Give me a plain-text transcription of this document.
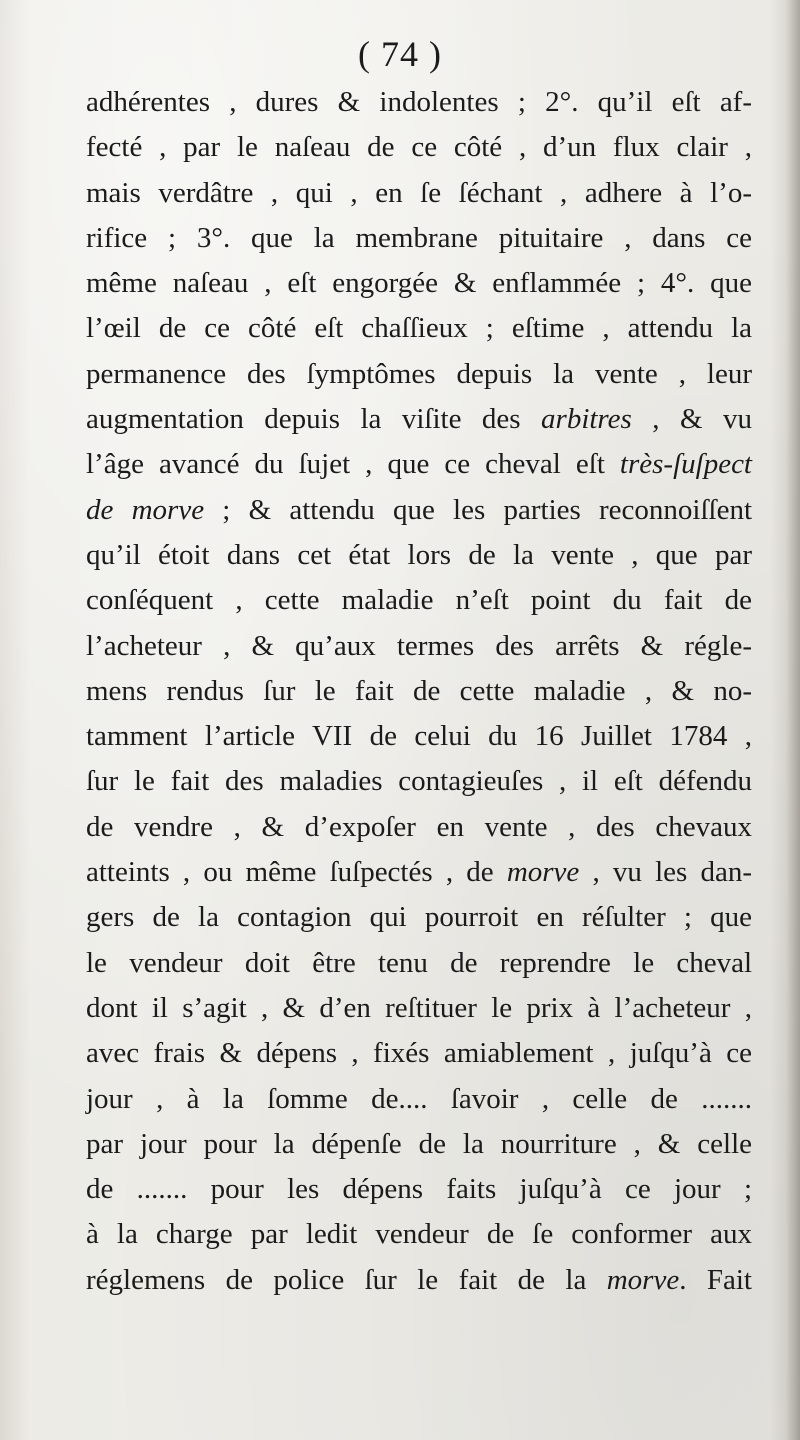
( 74 )
adhérentes , dures & indolentes ; 2°. qu’il eſt af-
fecté , par le naſeau de ce côté , d’un flux clair ,
mais verdâtre , qui , en ſe ſéchant , adhere à l’o-
rifice ; 3°. que la membrane pituitaire , dans ce
même naſeau , eſt engorgée & enflammée ; 4°. que
l’œil de ce côté eſt chaſſieux ; eſtime , attendu la
permanence des ſymptômes depuis la vente , leur
augmentation depuis la viſite des arbitres , & vu
l’âge avancé du ſujet , que ce cheval eſt très-ſuſpect
de morve ; & attendu que les parties reconnoiſſent
qu’il étoit dans cet état lors de la vente , que par
conſéquent , cette maladie n’eſt point du fait de
l’acheteur , & qu’aux termes des arrêts & régle-
mens rendus ſur le fait de cette maladie , & no-
tamment l’article VII de celui du 16 Juillet 1784 ,
ſur le fait des maladies contagieuſes , il eſt défendu
de vendre , & d’expoſer en vente , des chevaux
atteints , ou même ſuſpectés , de morve , vu les dan-
gers de la contagion qui pourroit en réſulter ; que
le vendeur doit être tenu de reprendre le cheval
dont il s’agit , & d’en reſtituer le prix à l’acheteur ,
avec frais & dépens , fixés amiablement , juſqu’à ce
jour , à la ſomme de.... ſavoir , celle de .......
par jour pour la dépenſe de la nourriture , & celle
de ....... pour les dépens faits juſqu’à ce jour ;
à la charge par ledit vendeur de ſe conformer aux
réglemens de police ſur le fait de la morve. Fait
